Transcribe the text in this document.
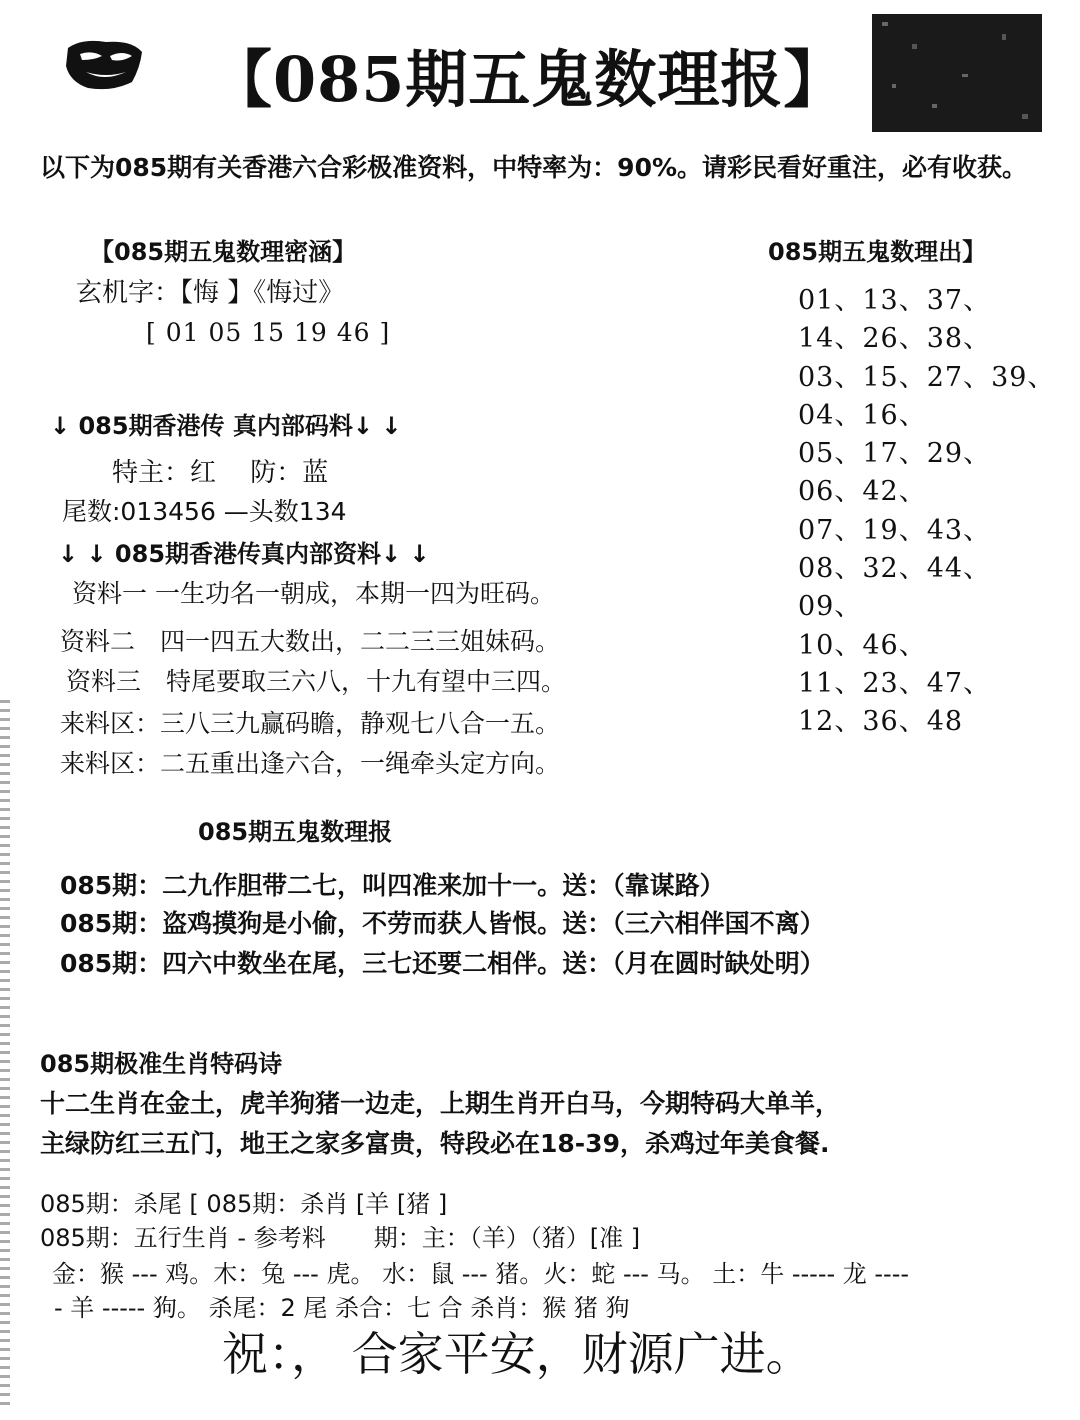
【085期五鬼数理报】
以下为085期有关香港六合彩极准资料，中特率为：90%。请彩民看好重注，必有收获。
【085期五鬼数理密涵】
玄机字：【悔 】《悔过》
[ 01 05 15 19 46 ]
↓ 085期香港传 真内部码料↓ ↓
特主：红　 防：蓝
尾数:013456 —头数134
↓ ↓ 085期香港传真内部资料↓ ↓
资料一 一生功名一朝成，本期一四为旺码。
资料二　四一四五大数出，二二三三姐妹码。
资料三　特尾要取三六八，十九有望中三四。
来料区：三八三九赢码瞻，静观七八合一五。
来料区：二五重出逢六合，一绳牵头定方向。
085期五鬼数理出】
01、13、37、
14、26、38、
03、15、27、39、
04、16、
05、17、29、
06、42、
07、19、43、
08、32、44、
09、
10、46、
11、23、47、
12、36、48
085期五鬼数理报
085期：二九作胆带二七，叫四准来加十一。送：（靠谋路）
085期：盗鸡摸狗是小偷，不劳而获人皆恨。送：（三六相伴国不离）
085期：四六中数坐在尾，三七还要二相伴。送：（月在圆时缺处明）
085期极准生肖特码诗
十二生肖在金土，虎羊狗猪一边走，上期生肖开白马，今期特码大单羊，
主绿防红三五门，地王之家多富贵，特段必在18-39，杀鸡过年美食餐.
085期：杀尾 [ 085期：杀肖 [羊 [猪 ]
085期：五行生肖 - 参考料　　期：主：（羊）（猪）[准 ]
金：猴 --- 鸡。木：兔 --- 虎。 水：鼠 --- 猪。火：蛇 --- 马。 土：牛 ----- 龙 ----
- 羊 ----- 狗。 杀尾：2 尾 杀合：七 合 杀肖：猴 猪 狗
祝：， 合家平安，财源广进。
